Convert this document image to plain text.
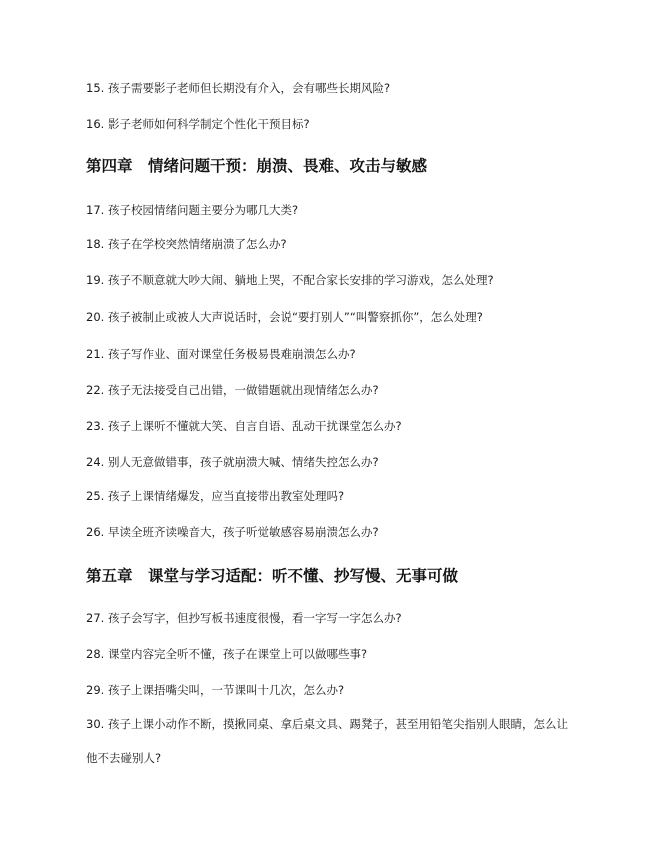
15. 孩子需要影子老师但长期没有介入，会有哪些长期风险?
16. 影子老师如何科学制定个性化干预目标?
第四章　情绪问题干预：崩溃、畏难、攻击与敏感
17. 孩子校园情绪问题主要分为哪几大类?
18. 孩子在学校突然情绪崩溃了怎么办?
19. 孩子不顺意就大吵大闹、躺地上哭，不配合家长安排的学习游戏，怎么处理?
20. 孩子被制止或被人大声说话时，会说“要打别人”“叫警察抓你”，怎么处理?
21. 孩子写作业、面对课堂任务极易畏难崩溃怎么办?
22. 孩子无法接受自己出错，一做错题就出现情绪怎么办?
23. 孩子上课听不懂就大笑、自言自语、乱动干扰课堂怎么办?
24. 别人无意做错事，孩子就崩溃大喊、情绪失控怎么办?
25. 孩子上课情绪爆发，应当直接带出教室处理吗?
26. 早读全班齐读噪音大，孩子听觉敏感容易崩溃怎么办?
第五章　课堂与学习适配：听不懂、抄写慢、无事可做
27. 孩子会写字，但抄写板书速度很慢，看一字写一字怎么办?
28. 课堂内容完全听不懂，孩子在课堂上可以做哪些事?
29. 孩子上课捂嘴尖叫，一节课叫十几次，怎么办?
30. 孩子上课小动作不断，摸揪同桌、拿后桌文具、踢凳子，甚至用铅笔尖指别人眼睛，怎么让他不去碰别人?
